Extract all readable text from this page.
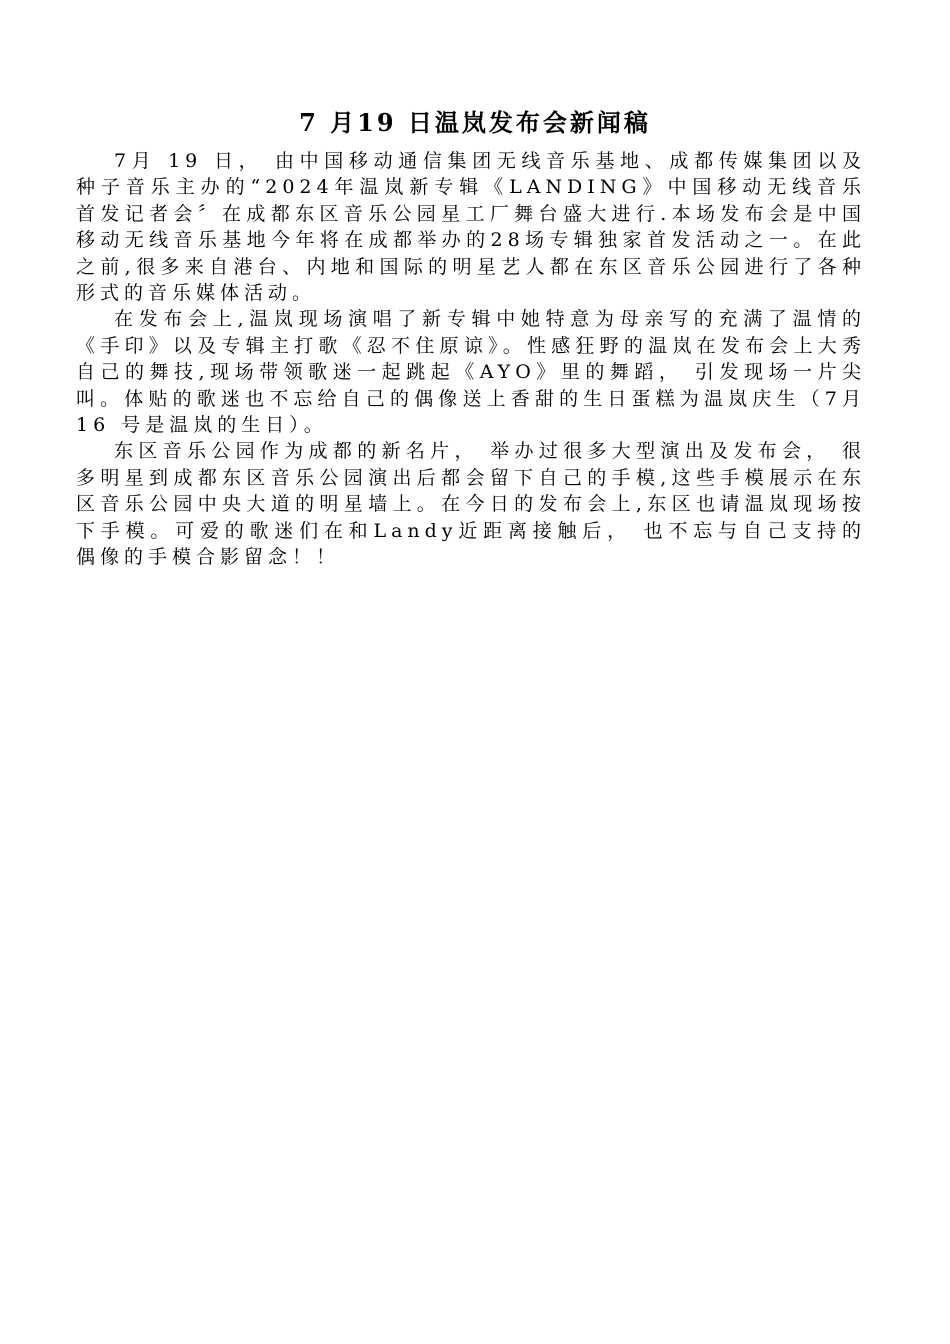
7 月19 日温岚发布会新闻稿

7月 19 日， 由中国移动通信集团无线音乐基地、成都传媒集团以及种子音乐主办的“2024年温岚新专辑《LANDING》中国移动无线音乐首发记者会〞在成都东区音乐公园星工厂舞台盛大进行.本场发布会是中国移动无线音乐基地今年将在成都举办的28场专辑独家首发活动之一。在此之前,很多来自港台、内地和国际的明星艺人都在东区音乐公园进行了各种形式的音乐媒体活动。

在发布会上,温岚现场演唱了新专辑中她特意为母亲写的充满了温情的《手印》以及专辑主打歌《忍不住原谅》。性感狂野的温岚在发布会上大秀自己的舞技,现场带领歌迷一起跳起《AYO》里的舞蹈， 引发现场一片尖叫。体贴的歌迷也不忘给自己的偶像送上香甜的生日蛋糕为温岚庆生（7月 16 号是温岚的生日）。

东区音乐公园作为成都的新名片， 举办过很多大型演出及发布会， 很多明星到成都东区音乐公园演出后都会留下自己的手模,这些手模展示在东区音乐公园中央大道的明星墙上。在今日的发布会上,东区也请温岚现场按下手模。可爱的歌迷们在和Landy近距离接触后， 也不忘与自己支持的偶像的手模合影留念！！
